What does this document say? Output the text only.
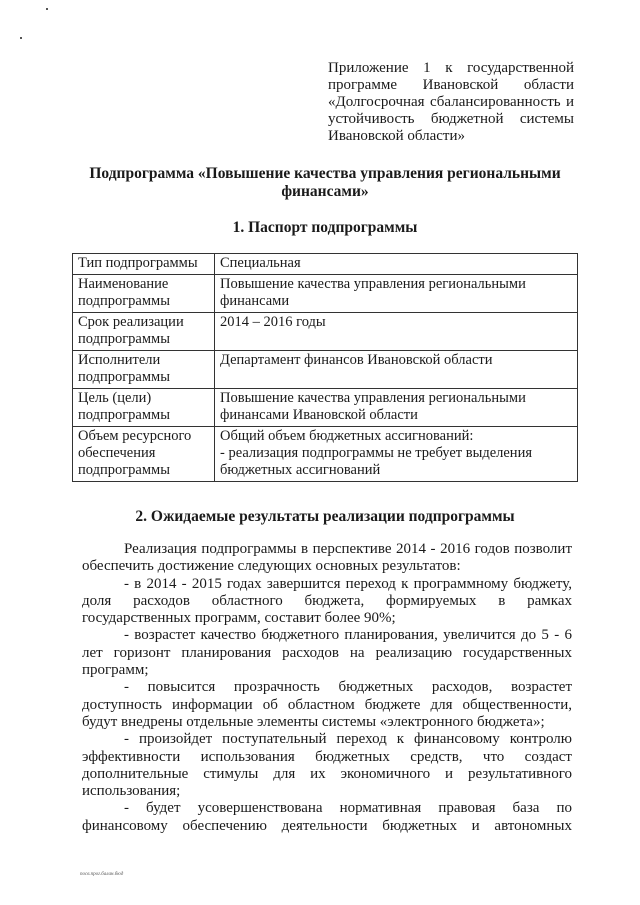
Приложение 1 к государственной
программе Ивановской области
«Долгосрочная сбалансированность и
устойчивость бюджетной системы
Ивановской области»
Подпрограмма «Повышение качества управления региональными финансами»
1. Паспорт подпрограммы
Тип подпрограммы	Специальная
Наименование подпрограммы	Повышение качества управления региональными финансами
Срок реализации подпрограммы	2014 – 2016 годы
Исполнители подпрограммы	Департамент финансов Ивановской области
Цель (цели) подпрограммы	Повышение качества управления региональными финансами Ивановской области
Объем ресурсного обеспечения подпрограммы	Общий объем бюджетных ассигнований:
- реализация подпрограммы не требует выделения бюджетных ассигнований
2. Ожидаемые результаты реализации подпрограммы

Реализация подпрограммы в перспективе 2014 - 2016 годов позволит обеспечить достижение следующих основных результатов:

- в 2014 - 2015 годах завершится переход к программному бюджету, доля расходов областного бюджета, формируемых в рамках государственных программ, составит более 90%;

- возрастет качество бюджетного планирования, увеличится до 5 - 6 лет горизонт планирования расходов на реализацию государственных программ;

- повысится прозрачность бюджетных расходов, возрастет доступность информации об областном бюджете для общественности, будут внедрены отдельные элементы системы «электронного бюджета»;

- произойдет поступательный переход к финансовому контролю эффективности использования бюджетных средств, что создаст дополнительные стимулы для их экономичного и результативного использования;

- будет усовершенствована нормативная правовая база по финансовому обеспечению деятельности бюджетных и автономных

посв.прог.балан.бюд
